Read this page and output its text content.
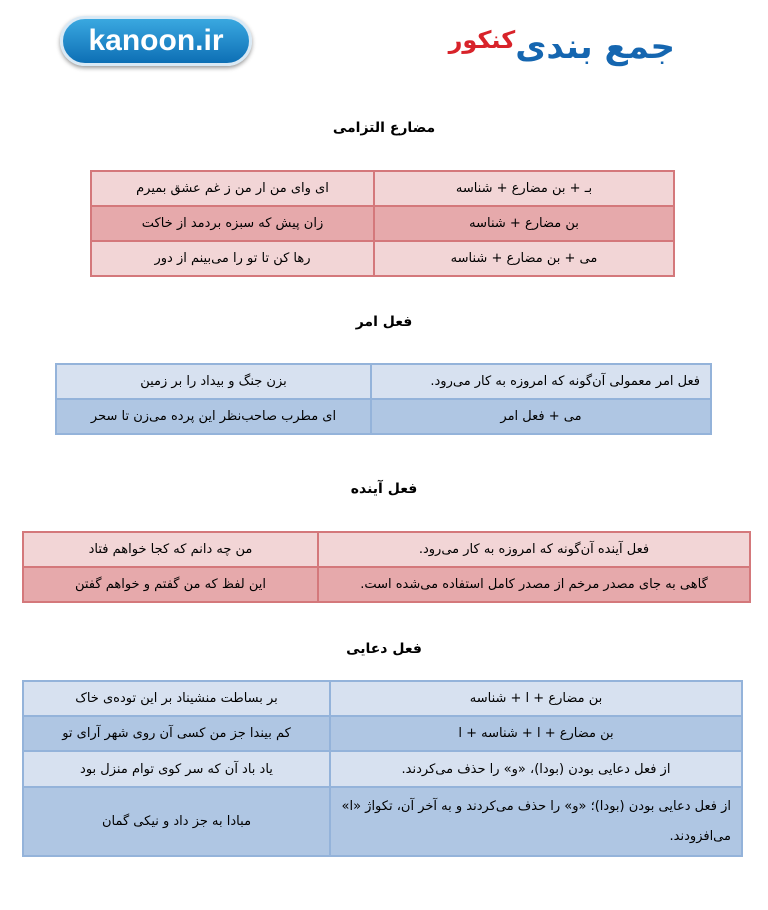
kanoon.ir	جمع بندی
کنکور
مضارع التزامی
بـ + بن مضارع + شناسه	ای وای من ار من ز غم عشق بمیرم
بن مضارع + شناسه	زان پیش که سبزه بردمد از خاکت
می + بن مضارع + شناسه	رها کن تا تو را می‌بینم از دور
فعل امر
فعل امر معمولی آن‌گونه که امروزه به کار می‌رود.	بزن جنگ و بیداد را بر زمین
می + فعل امر	ای مطرب صاحب‌نظر این پرده می‌زن تا سحر
فعل آینده
فعل آینده آن‌گونه که امروزه به کار می‌رود.	من چه دانم که کجا خواهم فتاد
گاهی به جای مصدر مرخم از مصدر کامل استفاده می‌شده است.	این لفظ که من گفتم و خواهم گفتن
فعل دعایی
بن مضارع + ا + شناسه	بر بساطت منشیناد بر این توده‌ی خاک
بن مضارع + ا + شناسه + ا	کم بیندا جز من کسی آن روی شهر آرای تو
از فعل دعایی بودن (بودا)، «و» را حذف می‌کردند.	یاد باد آن که سر کوی توام منزل بود
از فعل دعایی بودن (بودا)؛ «و» را حذف می‌کردند و به آخر آن، تکواژ «ا» می‌افزودند.	مبادا به جز داد و نیکی گمان
